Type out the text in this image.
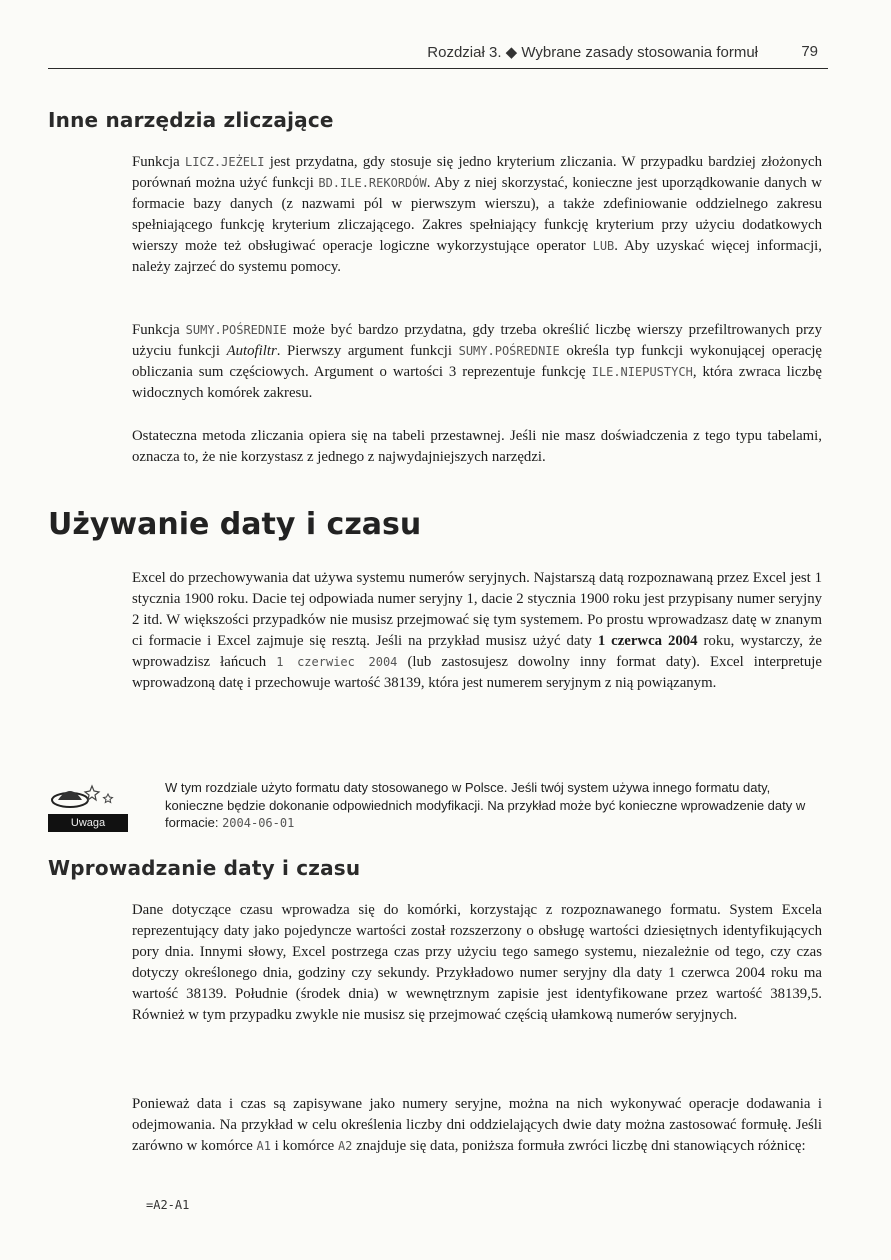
Rozdział 3. ◆ Wybrane zasady stosowania formuł	79
Inne narzędzia zliczające

Funkcja LICZ.JEŻELI jest przydatna, gdy stosuje się jedno kryterium zliczania. W przypadku bardziej złożonych porównań można użyć funkcji BD.ILE.REKORDÓW. Aby z niej skorzystać, konieczne jest uporządkowanie danych w formacie bazy danych (z nazwami pól w pierwszym wierszu), a także zdefiniowanie oddzielnego zakresu spełniającego funkcję kryterium zliczającego. Zakres spełniający funkcję kryterium przy użyciu dodatkowych wierszy może też obsługiwać operacje logiczne wykorzystujące operator LUB. Aby uzyskać więcej informacji, należy zajrzeć do systemu pomocy.

Funkcja SUMY.POŚREDNIE może być bardzo przydatna, gdy trzeba określić liczbę wierszy przefiltrowanych przy użyciu funkcji Autofiltr. Pierwszy argument funkcji SUMY.POŚREDNIE określa typ funkcji wykonującej operację obliczania sum częściowych. Argument o wartości 3 reprezentuje funkcję ILE.NIEPUSTYCH, która zwraca liczbę widocznych komórek zakresu.

Ostateczna metoda zliczania opiera się na tabeli przestawnej. Jeśli nie masz doświadczenia z tego typu tabelami, oznacza to, że nie korzystasz z jednego z najwydajniejszych narzędzi.

Używanie daty i czasu

Excel do przechowywania dat używa systemu numerów seryjnych. Najstarszą datą rozpoznawaną przez Excel jest 1 stycznia 1900 roku. Dacie tej odpowiada numer seryjny 1, dacie 2 stycznia 1900 roku jest przypisany numer seryjny 2 itd. W większości przypadków nie musisz przejmować się tym systemem. Po prostu wprowadzasz datę w znanym ci formacie i Excel zajmuje się resztą. Jeśli na przykład musisz użyć daty 1 czerwca 2004 roku, wystarczy, że wprowadzisz łańcuch 1 czerwiec 2004 (lub zastosujesz dowolny inny format daty). Excel interpretuje wprowadzoną datę i przechowuje wartość 38139, która jest numerem seryjnym z nią powiązanym.

Uwaga

W tym rozdziale użyto formatu daty stosowanego w Polsce. Jeśli twój system używa innego formatu daty, konieczne będzie dokonanie odpowiednich modyfikacji. Na przykład może być konieczne wprowadzenie daty w formacie: 2004-06-01

Wprowadzanie daty i czasu

Dane dotyczące czasu wprowadza się do komórki, korzystając z rozpoznawanego formatu. System Excela reprezentujący daty jako pojedyncze wartości został rozszerzony o obsługę wartości dziesiętnych identyfikujących pory dnia. Innymi słowy, Excel postrzega czas przy użyciu tego samego systemu, niezależnie od tego, czy czas dotyczy określonego dnia, godziny czy sekundy. Przykładowo numer seryjny dla daty 1 czerwca 2004 roku ma wartość 38139. Południe (środek dnia) w wewnętrznym zapisie jest identyfikowane przez wartość 38139,5. Również w tym przypadku zwykle nie musisz się przejmować częścią ułamkową numerów seryjnych.

Ponieważ data i czas są zapisywane jako numery seryjne, można na nich wykonywać operacje dodawania i odejmowania. Na przykład w celu określenia liczby dni oddzielających dwie daty można zastosować formułę. Jeśli zarówno w komórce A1 i komórce A2 znajduje się data, poniższa formuła zwróci liczbę dni stanowiących różnicę:

=A2-A1
